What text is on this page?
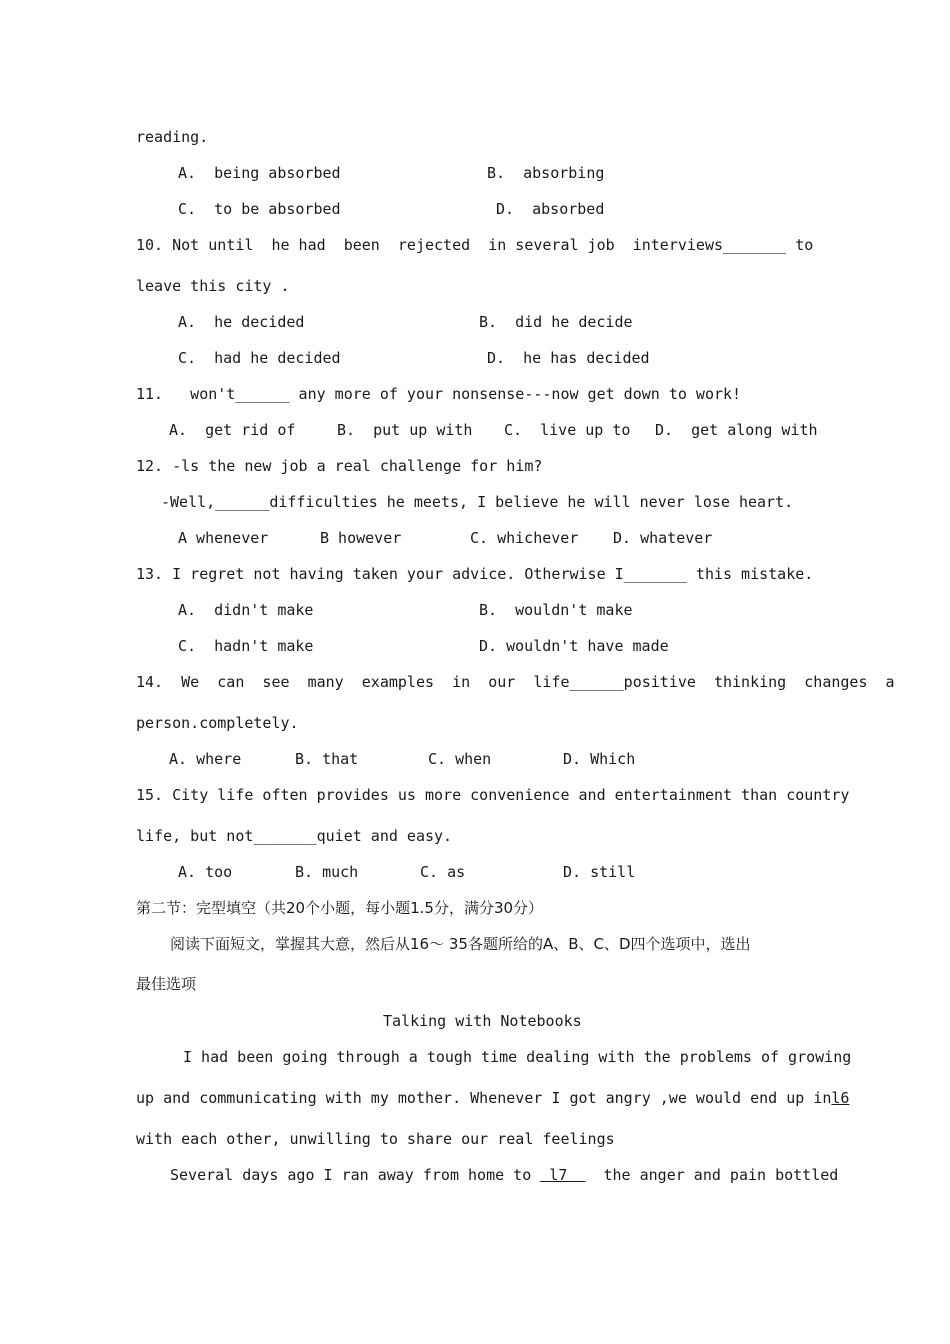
reading.
A.  being absorbed	B.  absorbing
C.  to be absorbed	D.  absorbed
10. Not until  he had  been  rejected  in several job  interviews_______ to
leave this city .
A.  he decided	B.  did he decide
C.  had he decided	D.  he has decided
11.   won't______ any more of your nonsense---now get down to work!
A.  get rid of	B.  put up with C.  live up to D.  get along with
12. -ls the new job a real challenge for him?
-Well,______difficulties he meets, I believe he will never lose heart.
A whenever	B however	C. whichever D. whatever
13. I regret not having taken your advice. Otherwise I_______ this mistake.
A.  didn't make	B.  wouldn't make
C.  hadn't make	D. wouldn't have made
14.  We  can  see  many  examples  in  our  life______positive  thinking  changes  a
person.completely.
A. where	B. that	C. when	D. Which
15. City life often provides us more convenience and entertainment than country
life, but not_______quiet and easy.
A. too	B. much	C. as	D. still
第二节：完型填空（共20个小题，每小题1.5分，满分30分）
阅读下面短文，掌握其大意，然后从16～ 35各题所给的A、B、C、D四个选项中，选出
最佳选项
Talking with Notebooks
I had been going through a tough time dealing with the problems of growing
up and communicating with my mother. Whenever I got angry ,we would end up inl6
with each other, unwilling to share our real feelings
Several days ago I ran away from home to  l7    the anger and pain bottled
